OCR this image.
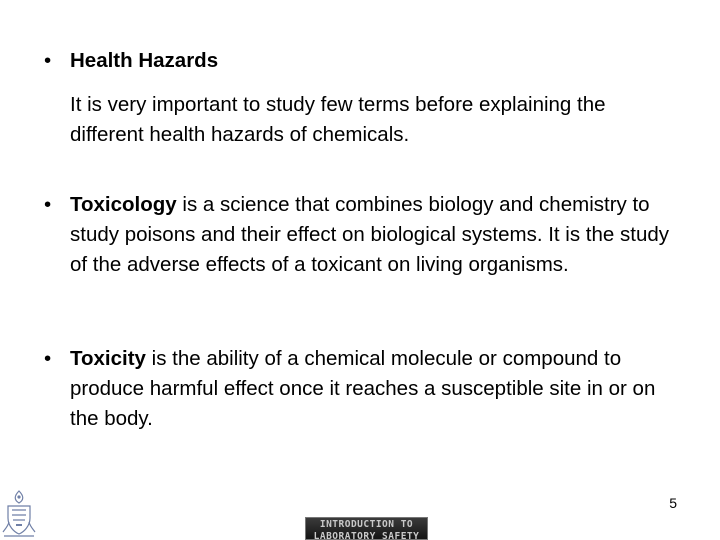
• Health Hazards
It is very important to study few terms before explaining the different health hazards of chemicals.
• Toxicology is a science that combines biology and chemistry to study poisons and their effect on biological systems. It is the study of the adverse effects of a toxicant on living organisms.
• Toxicity is the ability of a chemical molecule or compound to produce harmful effect once it reaches a susceptible site in or on the body.
5
INTRODUCTION TO
LABORATORY SAFETY
